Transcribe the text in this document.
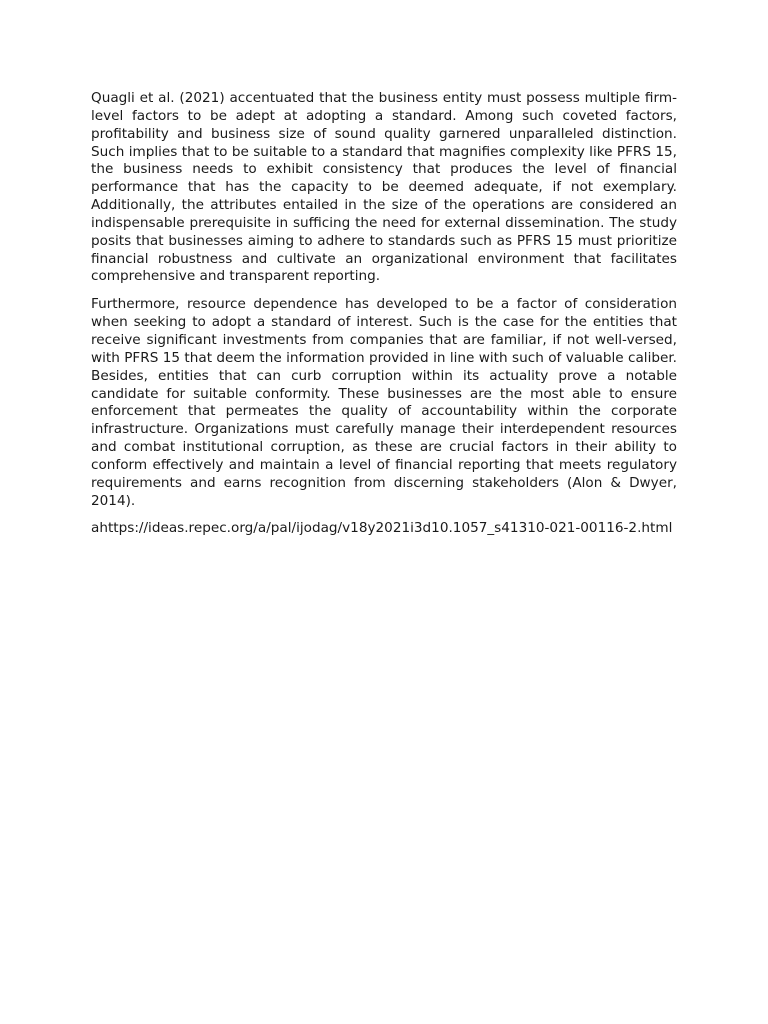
Quagli et al. (2021) accentuated that the business entity must possess multiple firm-level factors to be adept at adopting a standard. Among such coveted factors, profitability and business size of sound quality garnered unparalleled distinction. Such implies that to be suitable to a standard that magnifies complexity like PFRS 15, the business needs to exhibit consistency that produces the level of financial performance that has the capacity to be deemed adequate, if not exemplary. Additionally, the attributes entailed in the size of the operations are considered an indispensable prerequisite in sufficing the need for external dissemination. The study posits that businesses aiming to adhere to standards such as PFRS 15 must prioritize financial robustness and cultivate an organizational environment that facilitates comprehensive and transparent reporting.

Furthermore, resource dependence has developed to be a factor of consideration when seeking to adopt a standard of interest. Such is the case for the entities that receive significant investments from companies that are familiar, if not well-versed, with PFRS 15 that deem the information provided in line with such of valuable caliber. Besides, entities that can curb corruption within its actuality prove a notable candidate for suitable conformity. These businesses are the most able to ensure enforcement that permeates the quality of accountability within the corporate infrastructure. Organizations must carefully manage their interdependent resources and combat institutional corruption, as these are crucial factors in their ability to conform effectively and maintain a level of financial reporting that meets regulatory requirements and earns recognition from discerning stakeholders (Alon & Dwyer, 2014).

ahttps://ideas.repec.org/a/pal/ijodag/v18y2021i3d10.1057_s41310-021-00116-2.html
